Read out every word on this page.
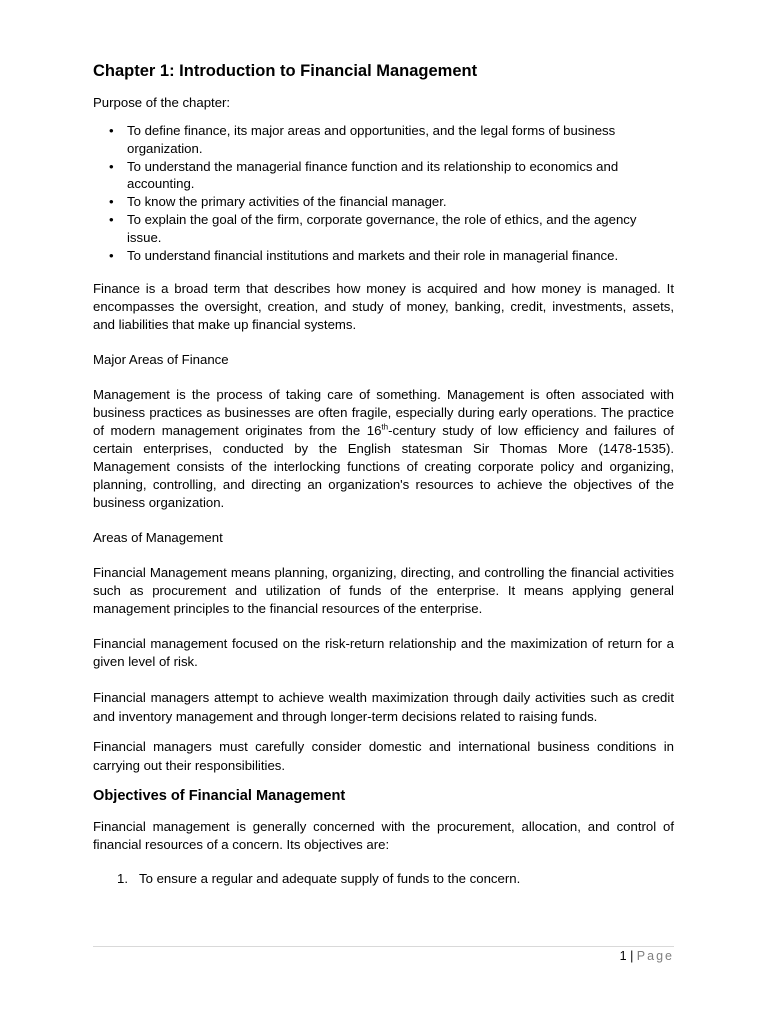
Chapter 1: Introduction to Financial Management

Purpose of the chapter:

• To define finance, its major areas and opportunities, and the legal forms of business organization.
• To understand the managerial finance function and its relationship to economics and accounting.
• To know the primary activities of the financial manager.
• To explain the goal of the firm, corporate governance, the role of ethics, and the agency issue.
• To understand financial institutions and markets and their role in managerial finance.

Finance is a broad term that describes how money is acquired and how money is managed. It encompasses the oversight, creation, and study of money, banking, credit, investments, assets, and liabilities that make up financial systems.

Major Areas of Finance

Management is the process of taking care of something. Management is often associated with business practices as businesses are often fragile, especially during early operations. The practice of modern management originates from the 16th-century study of low efficiency and failures of certain enterprises, conducted by the English statesman Sir Thomas More (1478-1535). Management consists of the interlocking functions of creating corporate policy and organizing, planning, controlling, and directing an organization's resources to achieve the objectives of the business organization.

Areas of Management

Financial Management means planning, organizing, directing, and controlling the financial activities such as procurement and utilization of funds of the enterprise. It means applying general management principles to the financial resources of the enterprise.

Financial management focused on the risk-return relationship and the maximization of return for a given level of risk.

Financial managers attempt to achieve wealth maximization through daily activities such as credit and inventory management and through longer-term decisions related to raising funds.

Financial managers must carefully consider domestic and international business conditions in carrying out their responsibilities.

Objectives of Financial Management

Financial management is generally concerned with the procurement, allocation, and control of financial resources of a concern. Its objectives are:

1. To ensure a regular and adequate supply of funds to the concern.
1 | Page
